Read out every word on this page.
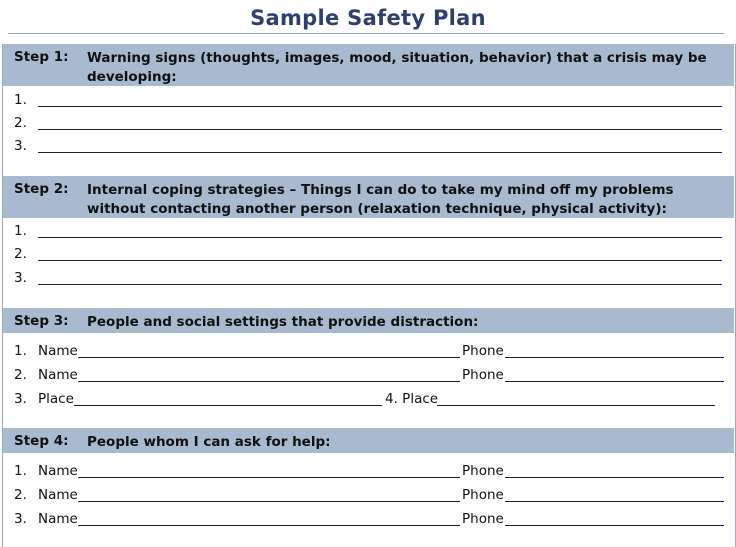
Sample Safety Plan
Step 1: Warning signs (thoughts, images, mood, situation, behavior) that a crisis may be developing:
1.
2.
3.
Step 2: Internal coping strategies – Things I can do to take my mind off my problems without contacting another person (relaxation technique, physical activity):
1.
2.
3.
Step 3: People and social settings that provide distraction:
1. Name	Phone
2. Name	Phone
3. Place	4. Place
Step 4: People whom I can ask for help:
1. Name	Phone
2. Name	Phone
3. Name	Phone
